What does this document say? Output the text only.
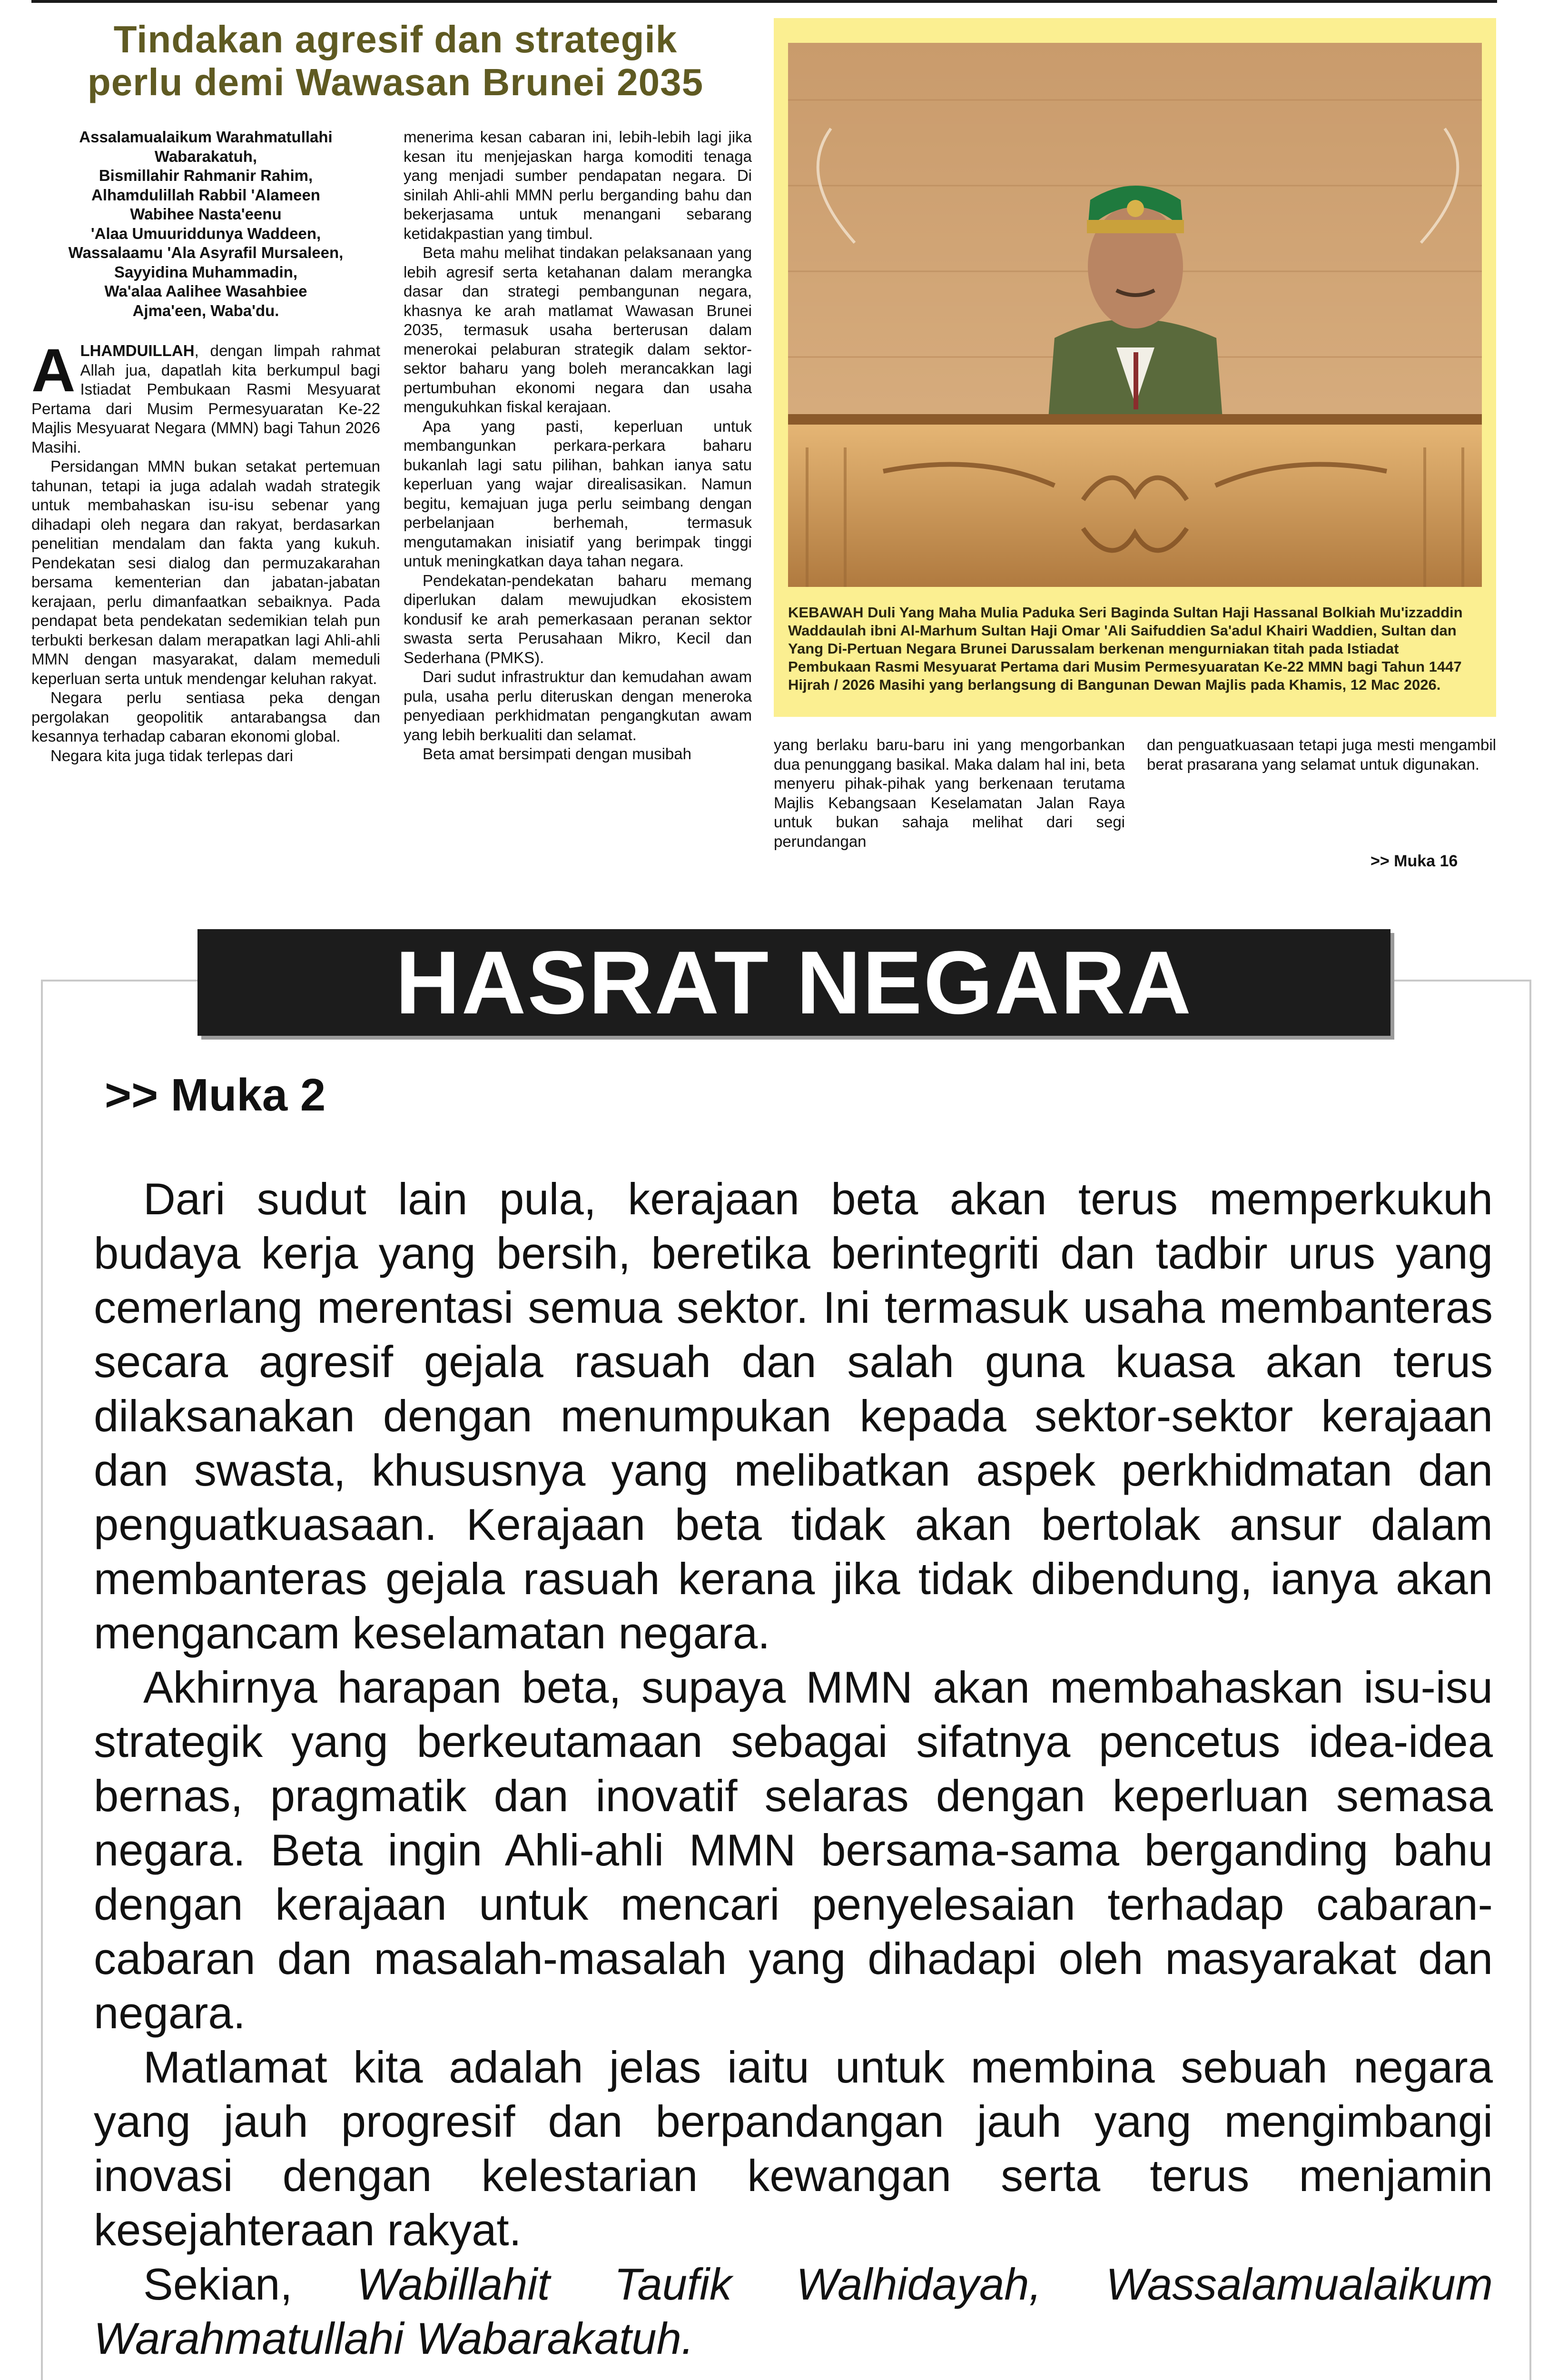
Tindakan agresif dan strategik
perlu demi Wawasan Brunei 2035
Assalamualaikum Warahmatullahi
Wabarakatuh,
Bismillahir Rahmanir Rahim,
Alhamdulillah Rabbil 'Alameen
Wabihee Nasta'eenu
'Alaa Umuuriddunya Waddeen,
Wassalaamu 'Ala Asyrafil Mursaleen,
Sayyidina Muhammadin,
Wa'alaa Aalihee Wasahbiee
Ajma'een, Waba'du.

ALHAMDUILLAH, dengan limpah rahmat Allah jua, dapatlah kita berkumpul bagi Istiadat Pembukaan Rasmi Mesyuarat Pertama dari Musim Permesyuaratan Ke-22 Majlis Mesyuarat Negara (MMN) bagi Tahun 2026 Masihi.

Persidangan MMN bukan setakat pertemuan tahunan, tetapi ia juga adalah wadah strategik untuk membahaskan isu-isu sebenar yang dihadapi oleh negara dan rakyat, berdasarkan penelitian mendalam dan fakta yang kukuh. Pendekatan sesi dialog dan permuzakarahan bersama kementerian dan jabatan-jabatan kerajaan, perlu dimanfaatkan sebaiknya. Pada pendapat beta pendekatan sedemikian telah pun terbukti berkesan dalam merapatkan lagi Ahli-ahli MMN dengan masyarakat, dalam memeduli keperluan serta untuk mendengar keluhan rakyat.

Negara perlu sentiasa peka dengan pergolakan geopolitik antarabangsa dan kesannya terhadap cabaran ekonomi global.

Negara kita juga tidak terlepas dari

menerima kesan cabaran ini, lebih-lebih lagi jika kesan itu menjejaskan harga komoditi tenaga yang menjadi sumber pendapatan negara. Di sinilah Ahli-ahli MMN perlu berganding bahu dan bekerjasama untuk menangani sebarang ketidakpastian yang timbul.

Beta mahu melihat tindakan pelaksanaan yang lebih agresif serta ketahanan dalam merangka dasar dan strategi pembangunan negara, khasnya ke arah matlamat Wawasan Brunei 2035, termasuk usaha berterusan dalam menerokai pelaburan strategik dalam sektor-sektor baharu yang boleh merancakkan lagi pertumbuhan ekonomi negara dan usaha mengukuhkan fiskal kerajaan.

Apa yang pasti, keperluan untuk membangunkan perkara-perkara baharu bukanlah lagi satu pilihan, bahkan ianya satu keperluan yang wajar direalisasikan. Namun begitu, kemajuan juga perlu seimbang dengan perbelanjaan berhemah, termasuk mengutamakan inisiatif yang berimpak tinggi untuk meningkatkan daya tahan negara.

Pendekatan-pendekatan baharu memang diperlukan dalam mewujudkan ekosistem kondusif ke arah pemerkasaan peranan sektor swasta serta Perusahaan Mikro, Kecil dan Sederhana (PMKS).

Dari sudut infrastruktur dan kemudahan awam pula, usaha perlu diteruskan dengan meneroka penyediaan perkhidmatan pengangkutan awam yang lebih berkualiti dan selamat.

Beta amat bersimpati dengan musibah

KEBAWAH Duli Yang Maha Mulia Paduka Seri Baginda Sultan Haji Hassanal Bolkiah Mu'izzaddin Waddaulah ibni Al-Marhum Sultan Haji Omar 'Ali Saifuddien Sa'adul Khairi Waddien, Sultan dan Yang Di-Pertuan Negara Brunei Darussalam berkenan mengurniakan titah pada Istiadat Pembukaan Rasmi Mesyuarat Pertama dari Musim Permesyuaratan Ke-22 MMN bagi Tahun 1447 Hijrah / 2026 Masihi yang berlangsung di Bangunan Dewan Majlis pada Khamis, 12 Mac 2026.

yang berlaku baru-baru ini yang mengorbankan dua penunggang basikal. Maka dalam hal ini, beta menyeru pihak-pihak yang berkenaan terutama Majlis Kebangsaan Keselamatan Jalan Raya untuk bukan sahaja melihat dari segi perundangan

dan penguatkuasaan tetapi juga mesti mengambil berat prasarana yang selamat untuk digunakan.

>> Muka 16
HASRAT NEGARA
>> Muka 2

Dari sudut lain pula, kerajaan beta akan terus memperkukuh budaya kerja yang bersih, beretika berintegriti dan tadbir urus yang cemerlang merentasi semua sektor. Ini termasuk usaha membanteras secara agresif gejala rasuah dan salah guna kuasa akan terus dilaksanakan dengan menumpukan kepada sektor-sektor kerajaan dan swasta, khususnya yang melibatkan aspek perkhidmatan dan penguatkuasaan. Kerajaan beta tidak akan bertolak ansur dalam membanteras gejala rasuah kerana jika tidak dibendung, ianya akan mengancam keselamatan negara.

Akhirnya harapan beta, supaya MMN akan membahaskan isu-isu strategik yang berkeutamaan sebagai sifatnya pencetus idea-idea bernas, pragmatik dan inovatif selaras dengan keperluan semasa negara. Beta ingin Ahli-ahli MMN bersama-sama berganding bahu dengan kerajaan untuk mencari penyelesaian terhadap cabaran-cabaran dan masalah-masalah yang dihadapi oleh masyarakat dan negara.

Matlamat kita adalah jelas iaitu untuk membina sebuah negara yang jauh progresif dan berpandangan jauh yang mengimbangi inovasi dengan kelestarian kewangan serta terus menjamin kesejahteraan rakyat.

Sekian, Wabillahit Taufik Walhidayah, Wassalamualaikum Warahmatullahi Wabarakatuh.
